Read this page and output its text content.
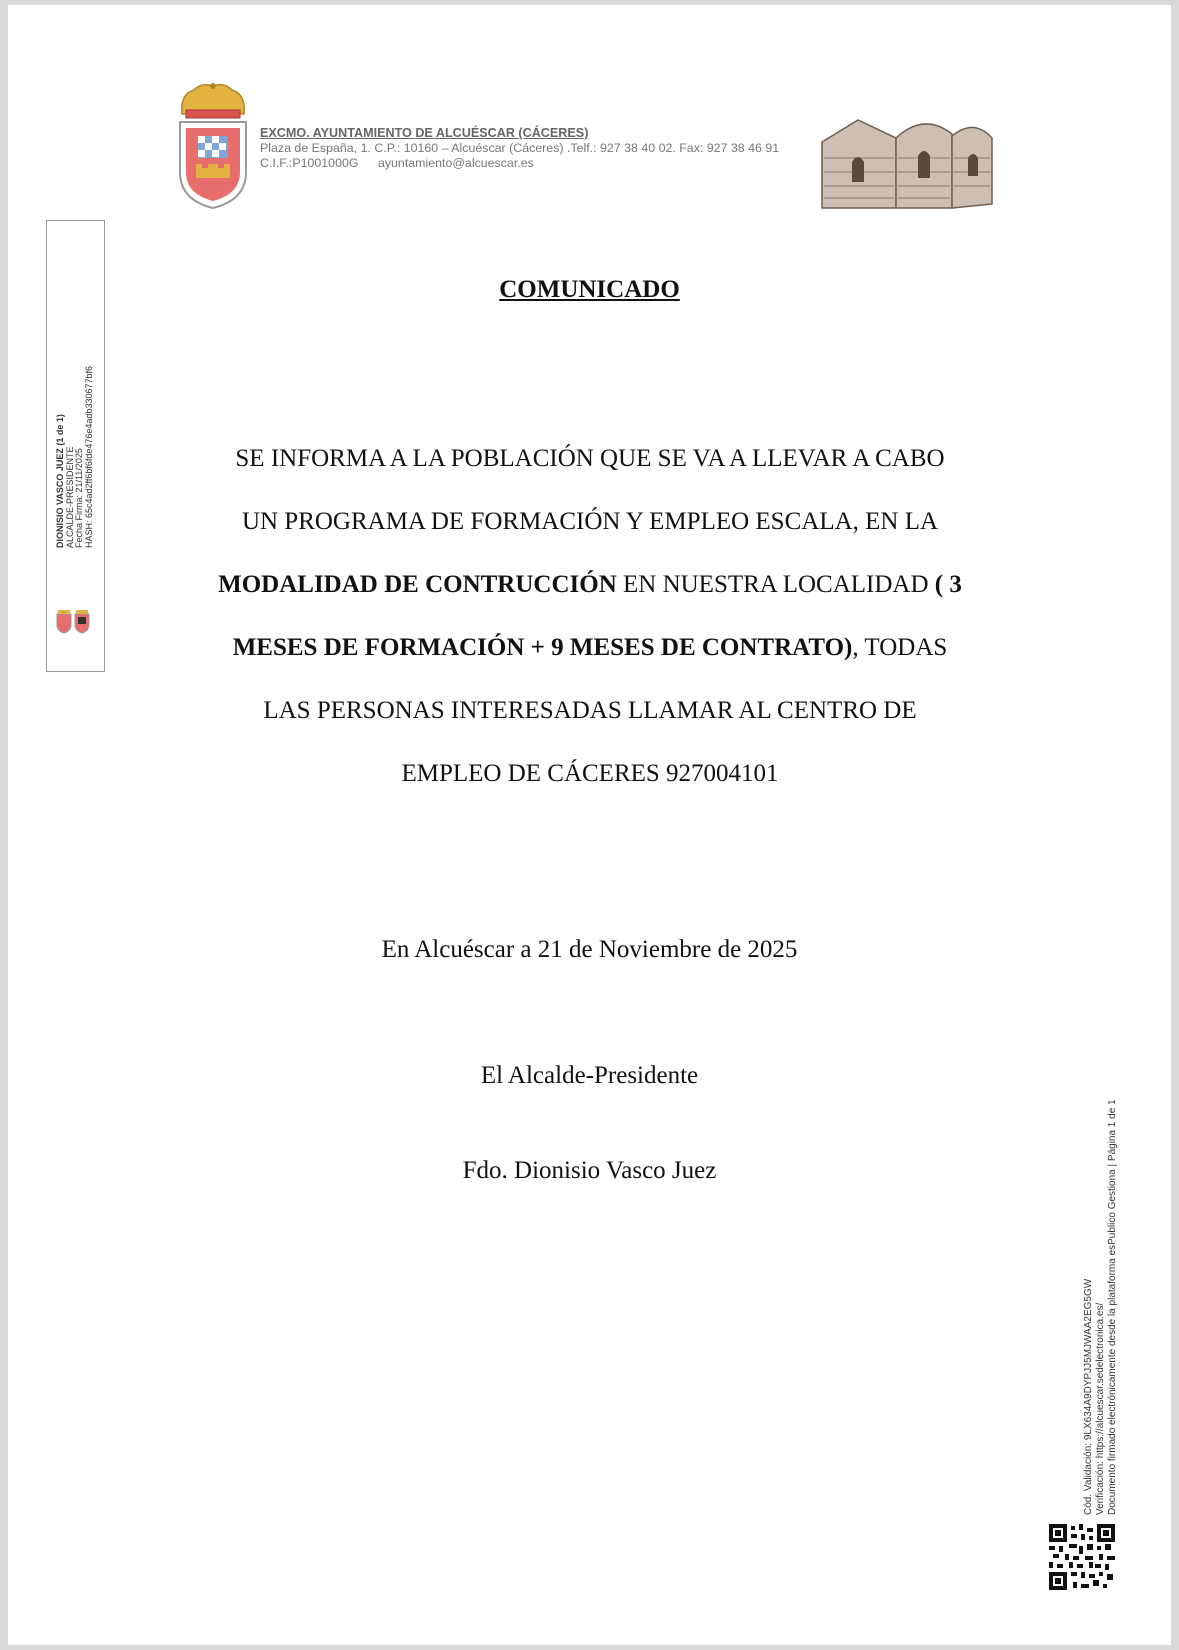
EXCMO. AYUNTAMIENTO DE ALCUÉSCAR (CÁCERES)
Plaza de España, 1. C.P.: 10160 – Alcuéscar (Cáceres) .Telf.: 927 38 40 02. Fax: 927 38 46 91
C.I.F.:P1001000G ayuntamiento@alcuescar.es
DIONISIO VASCO JUEZ (1 de 1) ALCALDE-PRESIDENTE Fecha Firma: 21/11/2025 HASH: 65c4ad2ff6bf6fde476e4adb330677bf6
COMUNICADO
SE INFORMA A LA POBLACIÓN QUE SE VA A LLEVAR A CABO
UN PROGRAMA DE FORMACIÓN Y EMPLEO ESCALA, EN LA
MODALIDAD DE CONTRUCCIÓN EN NUESTRA LOCALIDAD ( 3
MESES DE FORMACIÓN + 9 MESES DE CONTRATO), TODAS
LAS PERSONAS INTERESADAS LLAMAR AL CENTRO DE
EMPLEO DE CÁCERES 927004101
En Alcuéscar a 21 de Noviembre de 2025
El Alcalde-Presidente
Fdo. Dionisio Vasco Juez
Cód. Validación: 9LX634A9DYPJJ5MJWAA2EG5GW Verificación: https://alcuescar.sedelectronica.es/ Documento firmado electrónicamente desde la plataforma esPublico Gestiona | Página 1 de 1
